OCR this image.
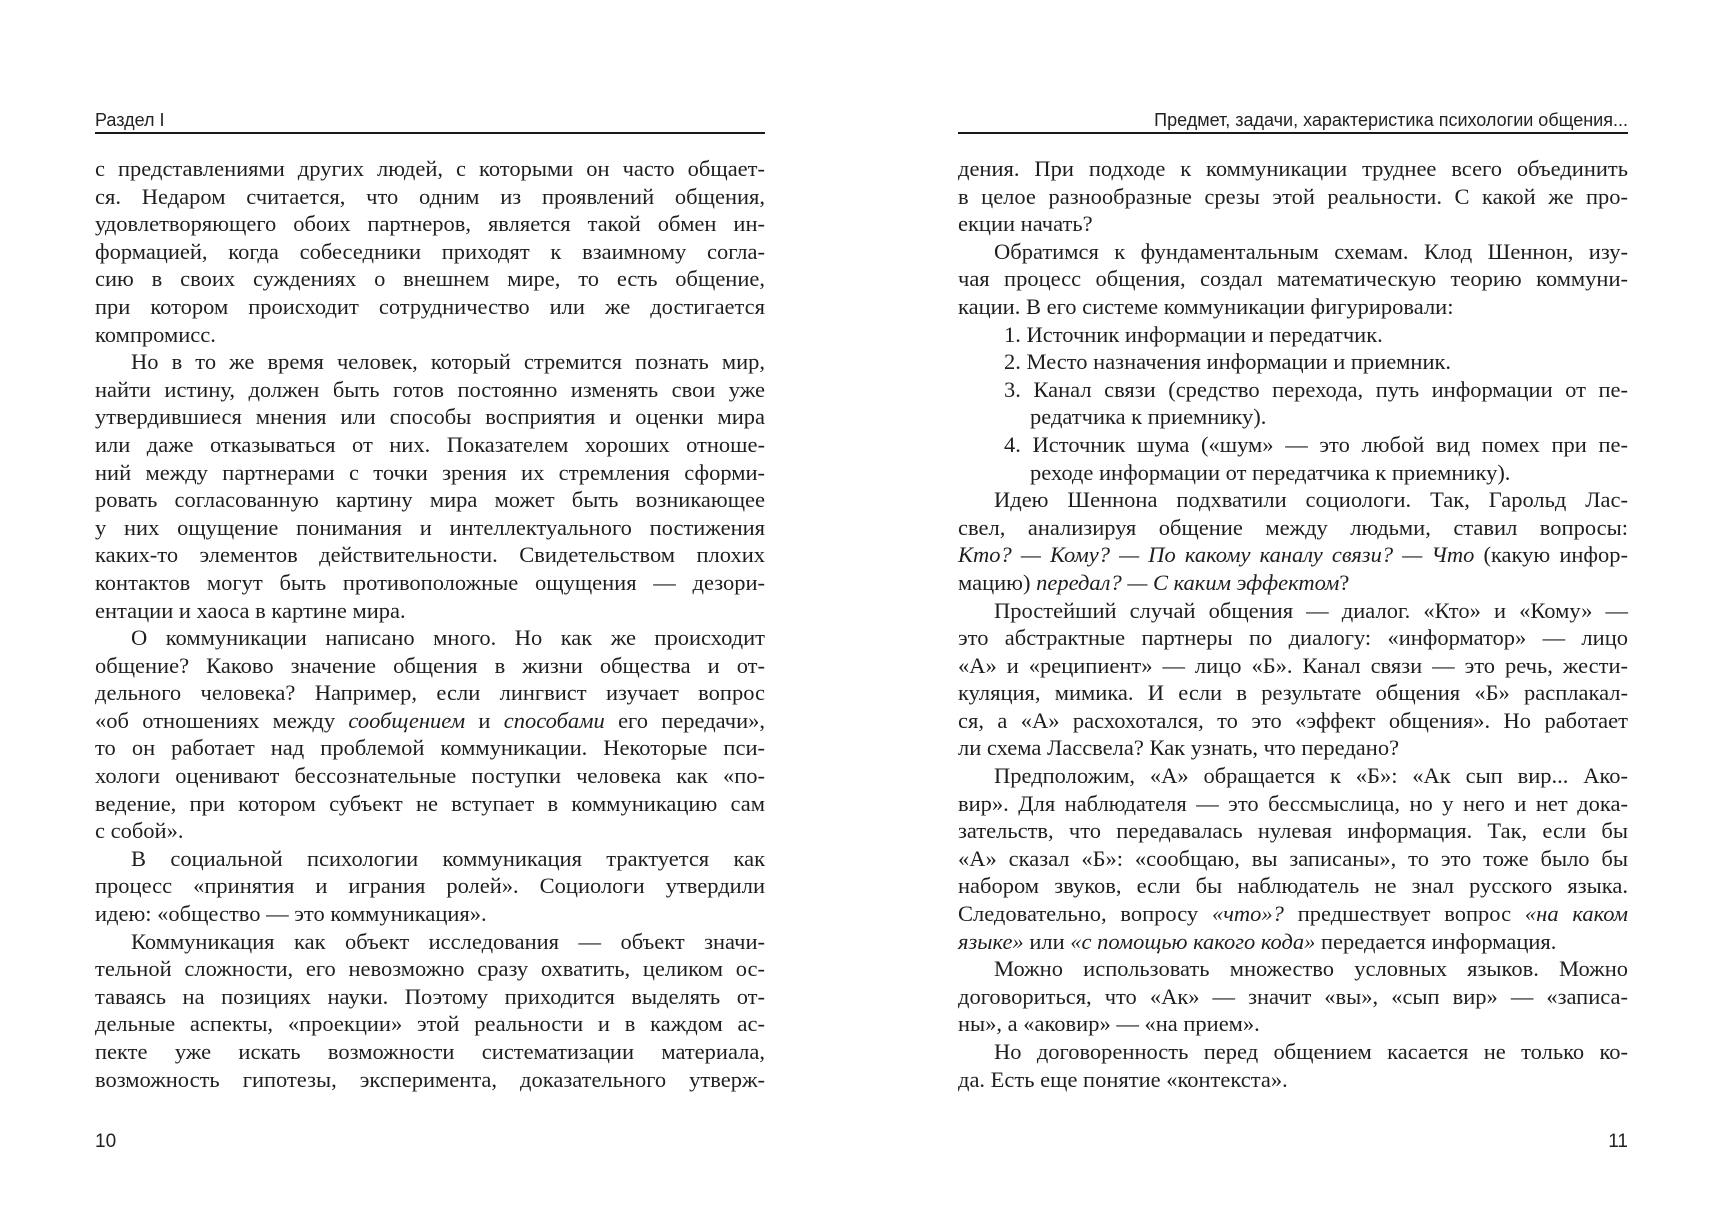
Раздел I
с представлениями других людей, с которыми он часто общает-
ся. Недаром считается, что одним из проявлений общения,
удовлетворяющего обоих партнеров, является такой обмен ин-
формацией, когда собеседники приходят к взаимному согла-
сию в своих суждениях о внешнем мире, то есть общение,
при котором происходит сотрудничество или же достигается
компромисс.
Но в то же время человек, который стремится познать мир,
найти истину, должен быть готов постоянно изменять свои уже
утвердившиеся мнения или способы восприятия и оценки мира
или даже отказываться от них. Показателем хороших отноше-
ний между партнерами с точки зрения их стремления сформи-
ровать согласованную картину мира может быть возникающее
у них ощущение понимания и интеллектуального постижения
каких-то элементов действительности. Свидетельством плохих
контактов могут быть противоположные ощущения — дезори-
ентации и хаоса в картине мира.
О коммуникации написано много. Но как же происходит
общение? Каково значение общения в жизни общества и от-
дельного человека? Например, если лингвист изучает вопрос
«об отношениях между сообщением и способами его передачи»,
то он работает над проблемой коммуникации. Некоторые пси-
хологи оценивают бессознательные поступки человека как «по-
ведение, при котором субъект не вступает в коммуникацию сам
с собой».
В социальной психологии коммуникация трактуется как
процесс «принятия и играния ролей». Социологи утвердили
идею: «общество — это коммуникация».
Коммуникация как объект исследования — объект значи-
тельной сложности, его невозможно сразу охватить, целиком ос-
таваясь на позициях науки. Поэтому приходится выделять от-
дельные аспекты, «проекции» этой реальности и в каждом ас-
пекте уже искать возможности систематизации материала,
возможность гипотезы, эксперимента, доказательного утверж-
10
Предмет, задачи, характеристика психологии общения...
дения. При подходе к коммуникации труднее всего объединить
в целое разнообразные срезы этой реальности. С какой же про-
екции начать?
Обратимся к фундаментальным схемам. Клод Шеннон, изу-
чая процесс общения, создал математическую теорию коммуни-
кации. В его системе коммуникации фигурировали:
1. Источник информации и передатчик.
2. Место назначения информации и приемник.
3. Канал связи (средство перехода, путь информации от пе-
редатчика к приемнику).
4. Источник шума («шум» — это любой вид помех при пе-
реходе информации от передатчика к приемнику).
Идею Шеннона подхватили социологи. Так, Гарольд Лас-
свел, анализируя общение между людьми, ставил вопросы:
Кто? — Кому? — По какому каналу связи? — Что (какую инфор-
мацию) передал? — С каким эффектом?
Простейший случай общения — диалог. «Кто» и «Кому» —
это абстрактные партнеры по диалогу: «информатор» — лицо
«А» и «реципиент» — лицо «Б». Канал связи — это речь, жести-
куляция, мимика. И если в результате общения «Б» расплакал-
ся, а «А» расхохотался, то это «эффект общения». Но работает
ли схема Лассвела? Как узнать, что передано?
Предположим, «А» обращается к «Б»: «Ак сып вир... Ако-
вир». Для наблюдателя — это бессмыслица, но у него и нет дока-
зательств, что передавалась нулевая информация. Так, если бы
«А» сказал «Б»: «сообщаю, вы записаны», то это тоже было бы
набором звуков, если бы наблюдатель не знал русского языка.
Следовательно, вопросу «что»? предшествует вопрос «на каком
языке» или «с помощью какого кода» передается информация.
Можно использовать множество условных языков. Можно
договориться, что «Ак» — значит «вы», «сып вир» — «записа-
ны», а «аковир» — «на прием».
Но договоренность перед общением касается не только ко-
да. Есть еще понятие «контекста».
11
